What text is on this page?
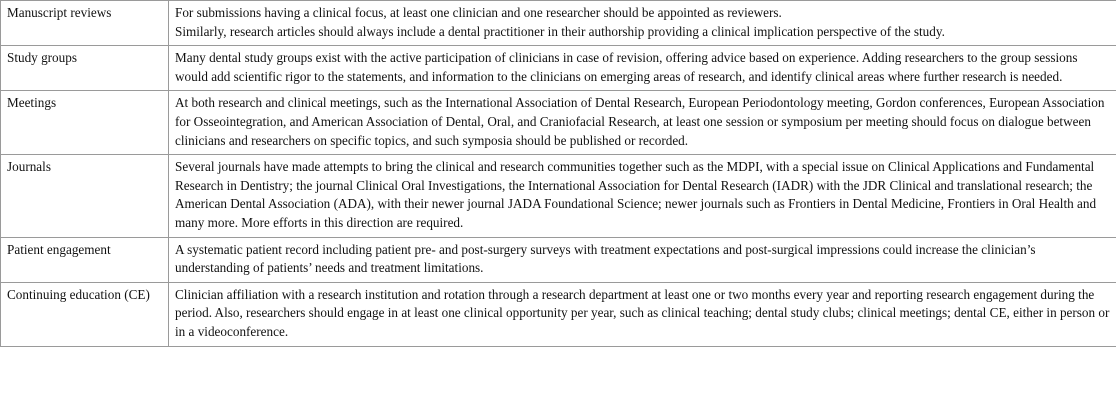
Manuscript reviews	For submissions having a clinical focus, at least one clinician and one researcher should be appointed as reviewers.
Similarly, research articles should always include a dental practitioner in their authorship providing a clinical implication perspective of the study.
Study groups	Many dental study groups exist with the active participation of clinicians in case of revision, offering advice based on experience. Adding researchers to the group sessions would add scientific rigor to the statements, and information to the clinicians on emerging areas of research, and identify clinical areas where further research is needed.
Meetings	At both research and clinical meetings, such as the International Association of Dental Research, European Periodontology meeting, Gordon conferences, European Association for Osseointegration, and American Association of Dental, Oral, and Craniofacial Research, at least one session or symposium per meeting should focus on dialogue between clinicians and researchers on specific topics, and such symposia should be published or recorded.
Journals	Several journals have made attempts to bring the clinical and research communities together such as the MDPI, with a special issue on Clinical Applications and Fundamental Research in Dentistry; the journal Clinical Oral Investigations, the International Association for Dental Research (IADR) with the JDR Clinical and translational research; the American Dental Association (ADA), with their newer journal JADA Foundational Science; newer journals such as Frontiers in Dental Medicine, Frontiers in Oral Health and many more. More efforts in this direction are required.
Patient engagement	A systematic patient record including patient pre- and post-surgery surveys with treatment expectations and post-surgical impressions could increase the clinician’s understanding of patients’ needs and treatment limitations.
Continuing education (CE)	Clinician affiliation with a research institution and rotation through a research department at least one or two months every year and reporting research engagement during the period. Also, researchers should engage in at least one clinical opportunity per year, such as clinical teaching; dental study clubs; clinical meetings; dental CE, either in person or in a videoconference.
